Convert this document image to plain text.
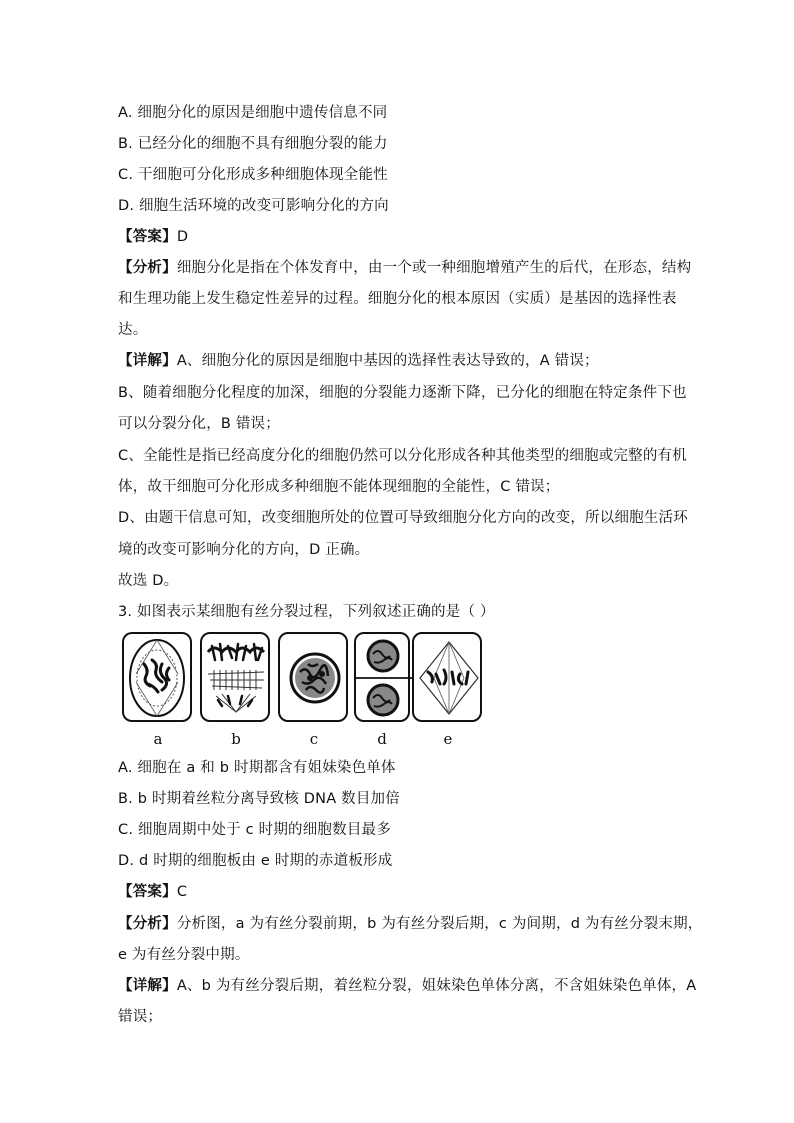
A. 细胞分化的原因是细胞中遗传信息不同
B. 已经分化的细胞不具有细胞分裂的能力
C. 干细胞可分化形成多种细胞体现全能性
D. 细胞生活环境的改变可影响分化的方向
【答案】D
【分析】细胞分化是指在个体发育中，由一个或一种细胞增殖产生的后代，在形态，结构
和生理功能上发生稳定性差异的过程。细胞分化的根本原因（实质）是基因的选择性表
达。
【详解】A、细胞分化的原因是细胞中基因的选择性表达导致的，A 错误；
B、随着细胞分化程度的加深，细胞的分裂能力逐渐下降，已分化的细胞在特定条件下也
可以分裂分化，B 错误；
C、全能性是指已经高度分化的细胞仍然可以分化形成各种其他类型的细胞或完整的有机
体，故干细胞可分化形成多种细胞不能体现细胞的全能性，C 错误；
D、由题干信息可知，改变细胞所处的位置可导致细胞分化方向的改变，所以细胞生活环
境的改变可影响分化的方向，D 正确。
故选 D。
3. 如图表示某细胞有丝分裂过程，下列叙述正确的是（ ）
a	b	c	d	e
A. 细胞在 a 和 b 时期都含有姐妹染色单体
B. b 时期着丝粒分离导致核 DNA 数目加倍
C. 细胞周期中处于 c 时期的细胞数目最多
D. d 时期的细胞板由 e 时期的赤道板形成
【答案】C
【分析】分析图，a 为有丝分裂前期，b 为有丝分裂后期，c 为间期，d 为有丝分裂末期，
e 为有丝分裂中期。
【详解】A、b 为有丝分裂后期，着丝粒分裂，姐妹染色单体分离，不含姐妹染色单体，A
错误；
